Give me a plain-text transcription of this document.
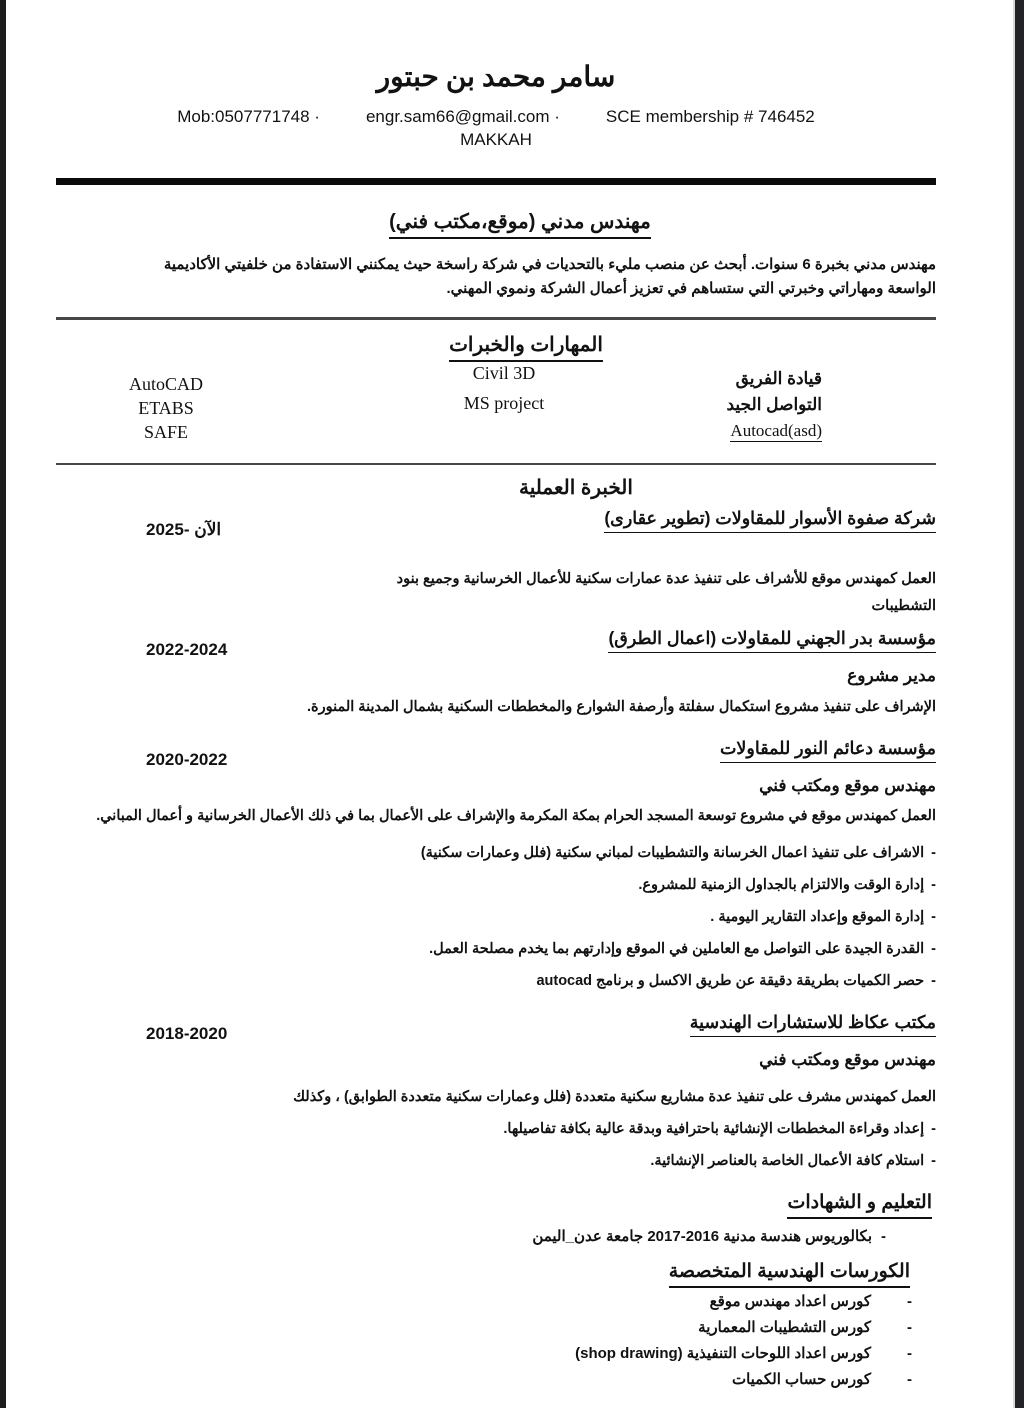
سامر محمد بن حبتور
Mob:0507771748 ·	engr.sam66@gmail.com ·	SCE membership # 746452
MAKKAH
مهندس مدني (موقع،مكتب فني)
مهندس مدني بخبرة 6 سنوات. أبحث عن منصب مليء بالتحديات في شركة راسخة حيث يمكنني الاستفادة من خلفيتي الأكاديمية الواسعة ومهاراتي وخبرتي التي ستساهم في تعزيز أعمال الشركة ونموي المهني.
المهارات والخبرات
AutoCAD
ETABS
SAFE
Civil 3D
MS project
قيادة الفريق
التواصل الجيد
Autocad(asd)
الخبرة العملية
شركة صفوة الأسوار للمقاولات (تطوير عقارى)
الآن -2025
العمل كمهندس موقع للأشراف على تنفيذ عدة عمارات سكنية للأعمال الخرسانية وجميع بنود التشطيبات
مؤسسة بدر الجهني للمقاولات (اعمال الطرق)
2022-2024
مدير مشروع
الإشراف على تنفيذ مشروع استكمال سفلتة وأرصفة الشوارع والمخططات السكنية بشمال المدينة المنورة.
مؤسسة دعائم النور للمقاولات
2020-2022
مهندس موقع ومكتب فني
العمل كمهندس موقع في مشروع توسعة المسجد الحرام بمكة المكرمة والإشراف على الأعمال بما في ذلك الأعمال الخرسانية و أعمال المباني.
-الاشراف على تنفيذ اعمال الخرسانة والتشطيبات لمباني سكنية (فلل وعمارات سكنية)
-إدارة الوقت والالتزام بالجداول الزمنية للمشروع.
-إدارة الموقع وإعداد التقارير اليومية .
-القدرة الجيدة على التواصل مع العاملين في الموقع وإدارتهم بما يخدم مصلحة العمل.
-حصر الكميات بطريقة دقيقة عن طريق الاكسل و برنامج autocad
مكتب عكاظ للاستشارات الهندسية
2018-2020
مهندس موقع ومكتب فني
العمل كمهندس مشرف على تنفيذ عدة مشاريع سكنية متعددة (فلل وعمارات سكنية متعددة الطوابق) ، وكذلك
-إعداد وقراءة المخططات الإنشائية باحترافية وبدقة عالية بكافة تفاصيلها.
-استلام كافة الأعمال الخاصة بالعناصر الإنشائية.
التعليم و الشهادات
-بكالوريوس هندسة مدنية 2016-2017 جامعة عدن_اليمن
الكورسات الهندسية المتخصصة
-كورس اعداد مهندس موقع
-كورس التشطيبات المعمارية
-كورس اعداد اللوحات التنفيذية (shop drawing)
-كورس حساب الكميات
